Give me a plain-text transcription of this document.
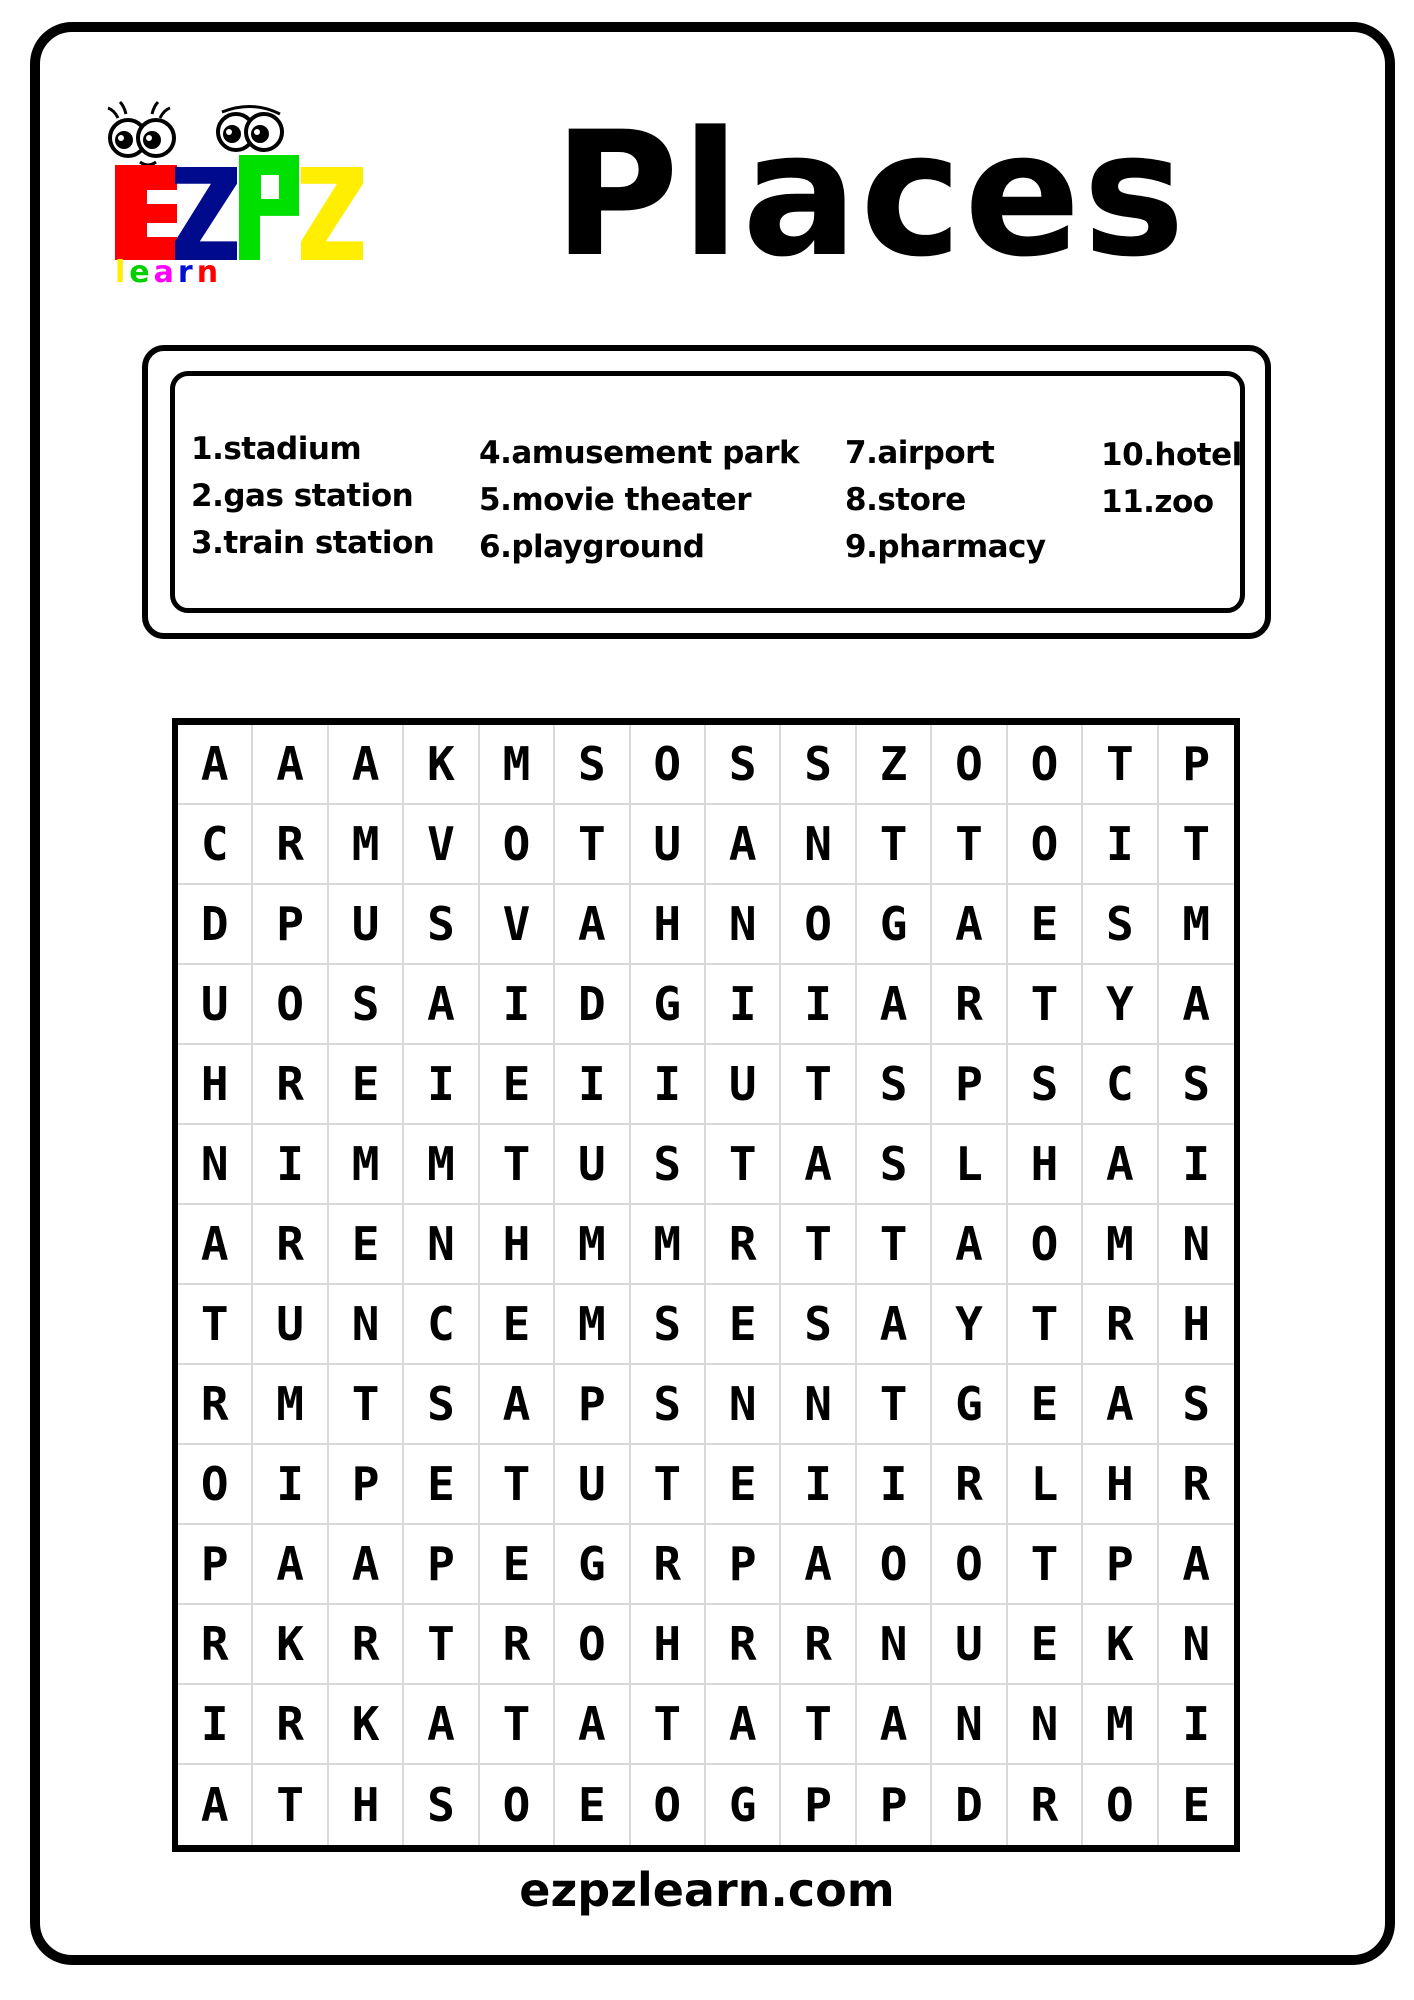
learn Places
1.stadium
2.gas station
3.train station
4.amusement park
5.movie theater
6.playground
7.airport
8.store
9.pharmacy
10.hotel
11.zoo
A	A	A	K	M	S	O	S	S	Z	O	O	T	P
C	R	M	V	O	T	U	A	N	T	T	O	I	T
D	P	U	S	V	A	H	N	O	G	A	E	S	M
U	O	S	A	I	D	G	I	I	A	R	T	Y	A
H	R	E	I	E	I	I	U	T	S	P	S	C	S
N	I	M	M	T	U	S	T	A	S	L	H	A	I
A	R	E	N	H	M	M	R	T	T	A	O	M	N
T	U	N	C	E	M	S	E	S	A	Y	T	R	H
R	M	T	S	A	P	S	N	N	T	G	E	A	S
O	I	P	E	T	U	T	E	I	I	R	L	H	R
P	A	A	P	E	G	R	P	A	O	O	T	P	A
R	K	R	T	R	O	H	R	R	N	U	E	K	N
I	R	K	A	T	A	T	A	T	A	N	N	M	I
A	T	H	S	O	E	O	G	P	P	D	R	O	E
ezpzlearn.com
